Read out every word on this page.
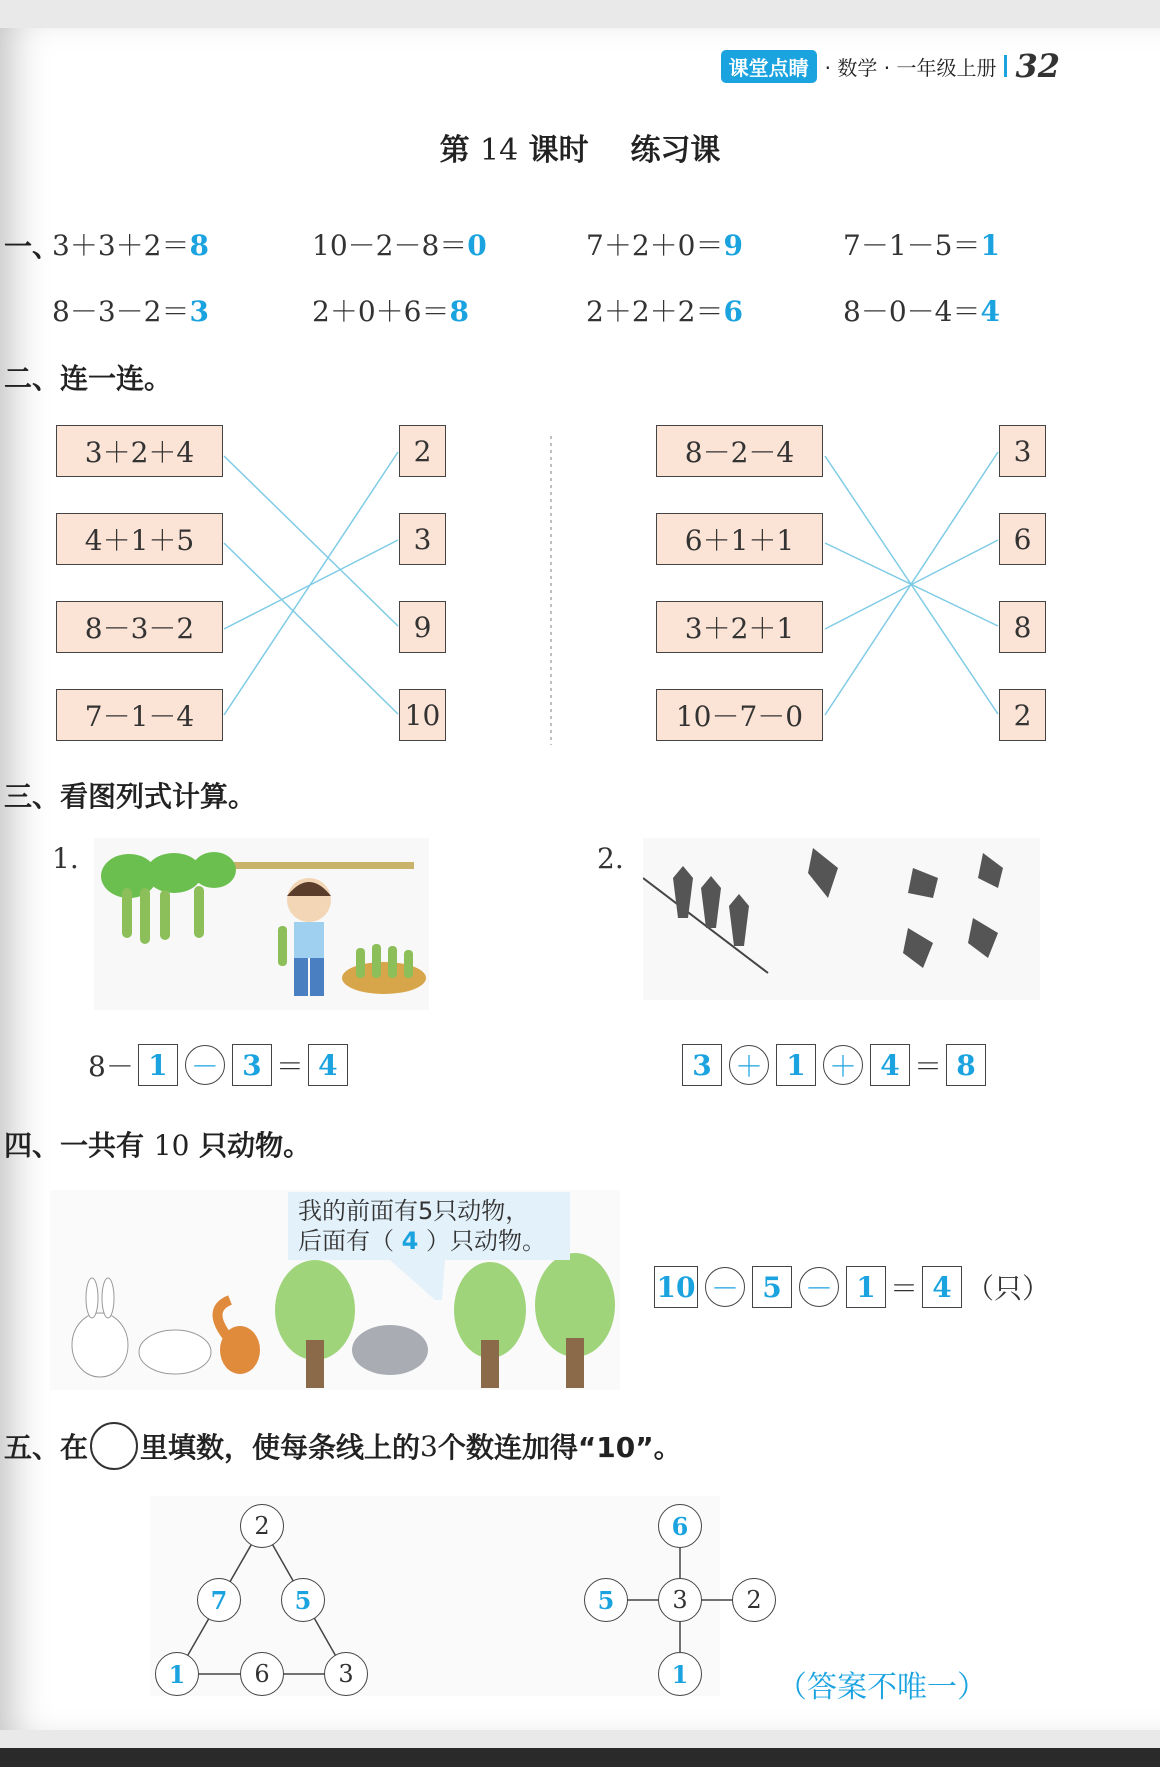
课堂点睛 · 数学 · 一年级上册 32
第 14 课时 练习课
一、
3＋3＋2＝8	10－2－8＝0	7＋2＋0＝9	7－1－5＝1
8－3－2＝3	2＋0＋6＝8	2＋2＋2＝6	8－0－4＝4
二、连一连。
3＋2＋4	2	8－2－4	3
4＋1＋5	3	6＋1＋1	6
8－3－2	9	3＋2＋1	8
7－1－4	10	10－7－0	2
三、看图列式计算。
1.	2.
8－ 1 － 3 ＝ 4	3 ＋ 1 ＋ 4 ＝ 8
四、一共有 10 只动物。
我的前面有5只动物，
后面有（ 4 ）只动物。
10 － 5 － 1 ＝ 4 （只）
五、在 里填数，使每条线上的 3 个数连加得“10”。
2
7	5
1	6	3
6
5	3	2
1	（答案不唯一）
